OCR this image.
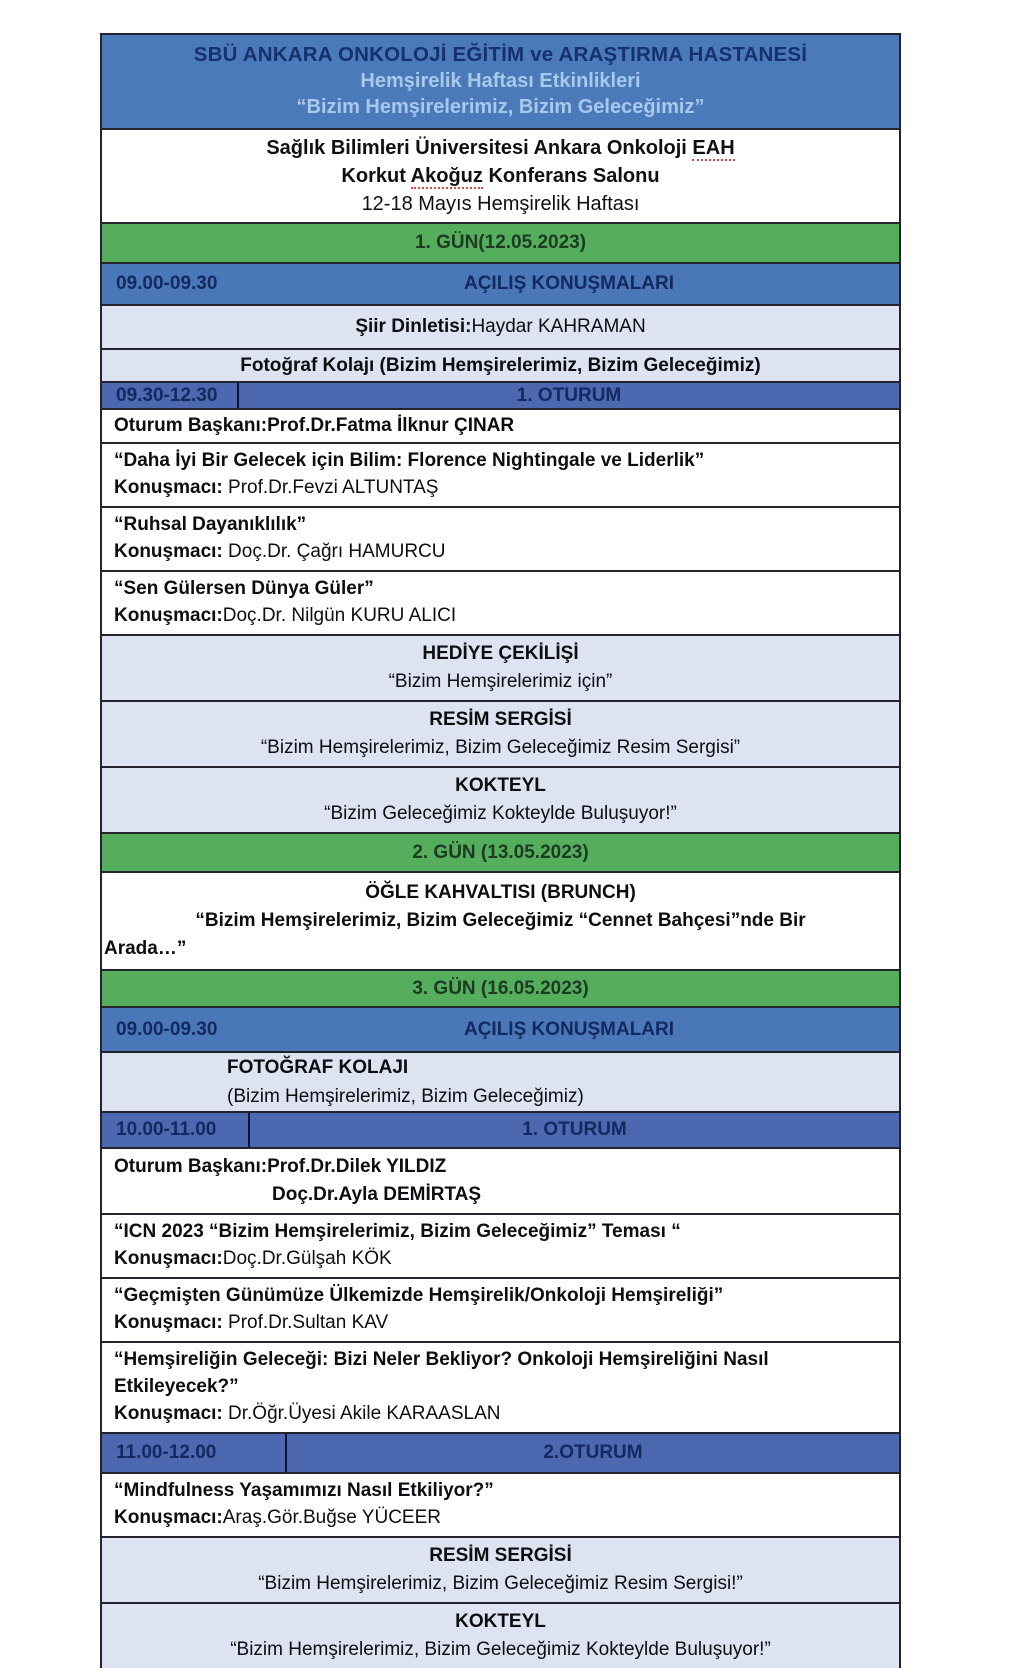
SBÜ ANKARA ONKOLOJİ EĞİTİM ve ARAŞTIRMA HASTANESİ
Hemşirelik Haftası Etkinlikleri
“Bizim Hemşirelerimiz, Bizim Geleceğimiz”
Sağlık Bilimleri Üniversitesi Ankara Onkoloji EAH
Korkut Akoğuz Konferans Salonu
12-18 Mayıs Hemşirelik Haftası
1. GÜN(12.05.2023)
09.00-09.30	AÇILIŞ KONUŞMALARI
Şiir Dinletisi: Haydar KAHRAMAN
Fotoğraf Kolajı (Bizim Hemşirelerimiz, Bizim Geleceğimiz)
09.30-12.30	1. OTURUM
Oturum Başkanı:Prof.Dr.Fatma İlknur ÇINAR
“Daha İyi Bir Gelecek için Bilim: Florence Nightingale ve Liderlik”
Konuşmacı: Prof.Dr.Fevzi ALTUNTAŞ
“Ruhsal Dayanıklılık”
Konuşmacı: Doç.Dr. Çağrı HAMURCU
“Sen Gülersen Dünya Güler”
Konuşmacı:Doç.Dr. Nilgün KURU ALICI
HEDİYE ÇEKİLİŞİ
“Bizim Hemşirelerimiz için”
RESİM SERGİSİ
“Bizim Hemşirelerimiz, Bizim Geleceğimiz Resim Sergisi”
KOKTEYL
“Bizim Geleceğimiz Kokteylde Buluşuyor!”
2. GÜN (13.05.2023)
ÖĞLE KAHVALTISI (BRUNCH)
“Bizim Hemşirelerimiz, Bizim Geleceğimiz “Cennet Bahçesi”nde Bir
Arada…”
3. GÜN (16.05.2023)
09.00-09.30	AÇILIŞ KONUŞMALARI
FOTOĞRAF KOLAJI
(Bizim Hemşirelerimiz, Bizim Geleceğimiz)
10.00-11.00	1. OTURUM
Oturum Başkanı:Prof.Dr.Dilek YILDIZ
Doç.Dr.Ayla DEMİRTAŞ
“ICN 2023 “Bizim Hemşirelerimiz, Bizim Geleceğimiz” Teması “
Konuşmacı:Doç.Dr.Gülşah KÖK
“Geçmişten Günümüze Ülkemizde Hemşirelik/Onkoloji Hemşireliği”
Konuşmacı: Prof.Dr.Sultan KAV
“Hemşireliğin Geleceği: Bizi Neler Bekliyor? Onkoloji Hemşireliğini Nasıl Etkileyecek?”
Konuşmacı: Dr.Öğr.Üyesi Akile KARAASLAN
11.00-12.00	2.OTURUM
“Mindfulness Yaşamımızı Nasıl Etkiliyor?”
Konuşmacı:Araş.Gör.Buğse YÜCEER
RESİM SERGİSİ
“Bizim Hemşirelerimiz, Bizim Geleceğimiz Resim Sergisi!”
KOKTEYL
“Bizim Hemşirelerimiz, Bizim Geleceğimiz Kokteylde Buluşuyor!”
